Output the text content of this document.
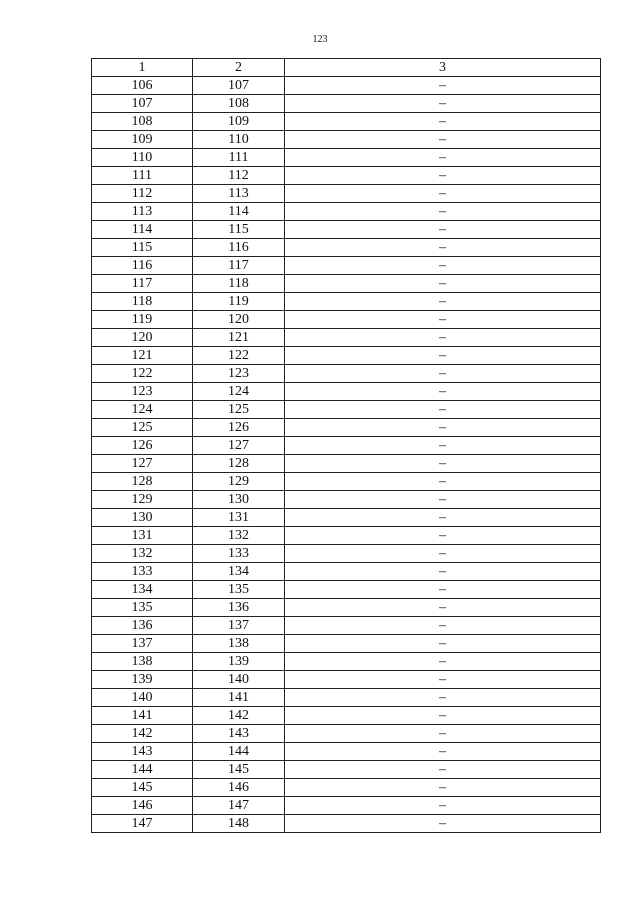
123
1	2	3
106	107	–
107	108	–
108	109	–
109	110	–
110	111	–
111	112	–
112	113	–
113	114	–
114	115	–
115	116	–
116	117	–
117	118	–
118	119	–
119	120	–
120	121	–
121	122	–
122	123	–
123	124	–
124	125	–
125	126	–
126	127	–
127	128	–
128	129	–
129	130	–
130	131	–
131	132	–
132	133	–
133	134	–
134	135	–
135	136	–
136	137	–
137	138	–
138	139	–
139	140	–
140	141	–
141	142	–
142	143	–
143	144	–
144	145	–
145	146	–
146	147	–
147	148	–
